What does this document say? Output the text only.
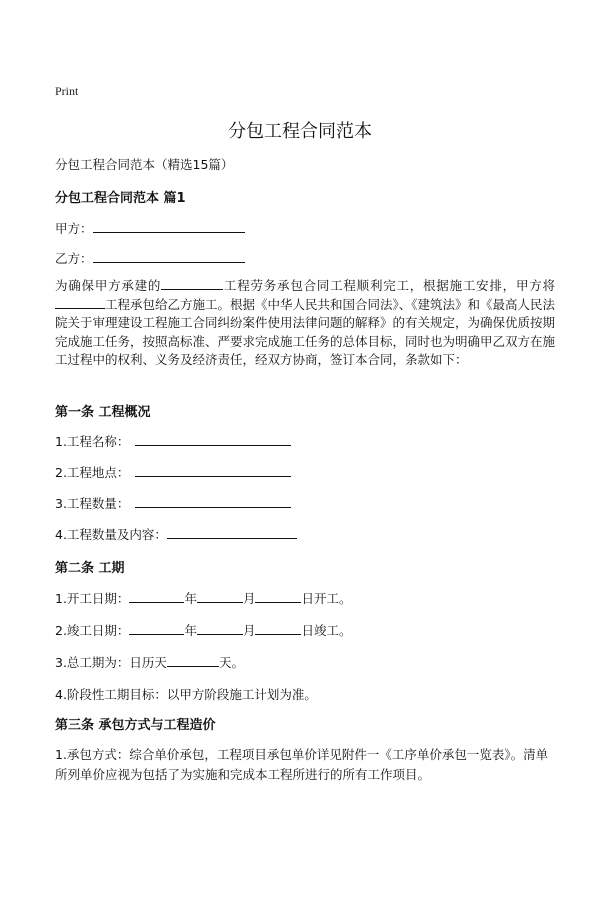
Print
分包工程合同范本
分包工程合同范本（精选15篇）
分包工程合同范本 篇1
甲方：
乙方：
为确保甲方承建的	工程劳务承包合同工程顺利完工，根据施工安排，甲方将工程承包给乙方施工。根据《中华人民共和国合同法》、《建筑法》和《最高人民法院关于审理建设工程施工合同纠纷案件使用法律问题的解释》的有关规定，为确保优质按期完成施工任务，按照高标准、严要求完成施工任务的总体目标，同时也为明确甲乙双方在施工过程中的权利、义务及经济责任，经双方协商，签订本合同，条款如下：
第一条 工程概况
1.工程名称：
2.工程地点：
3.工程数量：
4.工程数量及内容：
第二条 工期
1.开工日期：	年	月	日开工。
2.竣工日期：	年	月	日竣工。
3.总工期为：日历天	天。
4.阶段性工期目标：以甲方阶段施工计划为准。
第三条 承包方式与工程造价
1.承包方式：综合单价承包，工程项目承包单价详见附件一《工序单价承包一览表》。清单所列单价应视为包括了为实施和完成本工程所进行的所有工作项目。
